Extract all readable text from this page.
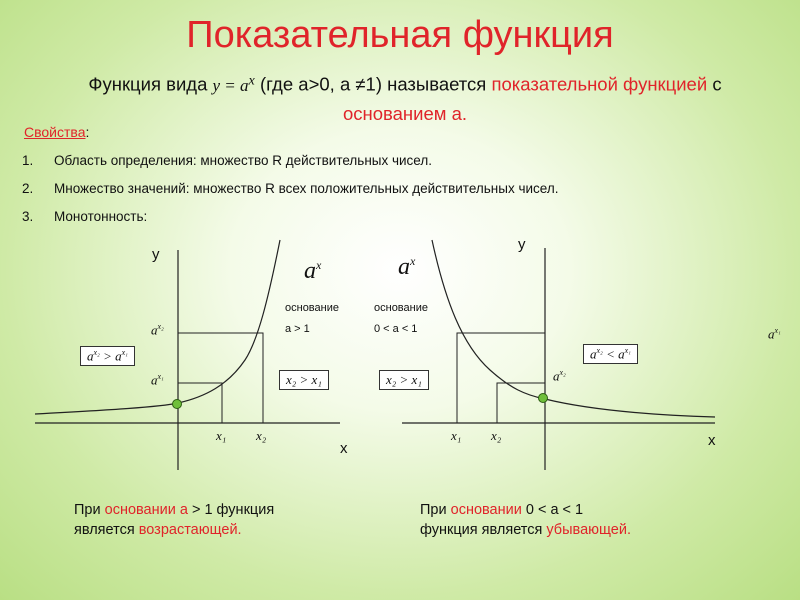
Показательная функция
Функция вида $y = a^x$ (где a>0, a ≠1) называется показательной функцией с основанием a.
Свойства:
1. Область определения: множество R действительных чисел.
2. Множество значений: множество R всех положительных действительных чисел.
3. Монотонность:
y
x
$a^x$
основание
a > 1
$a^{x_2}$
$a^{x_1}$
$a^{x_2} > a^{x_1}$
x₂ > x₁
x₁ x₂
y
x
$a^x$
основание
0 < a < 1
$a^{x_2}$
$a^{x_2} < a^{x_1}$
x₂ > x₁
x₁ x₂
$a^{x_1}$
При основании a > 1 функция
является возрастающей.
При основании 0 < a < 1
функция является убывающей.
